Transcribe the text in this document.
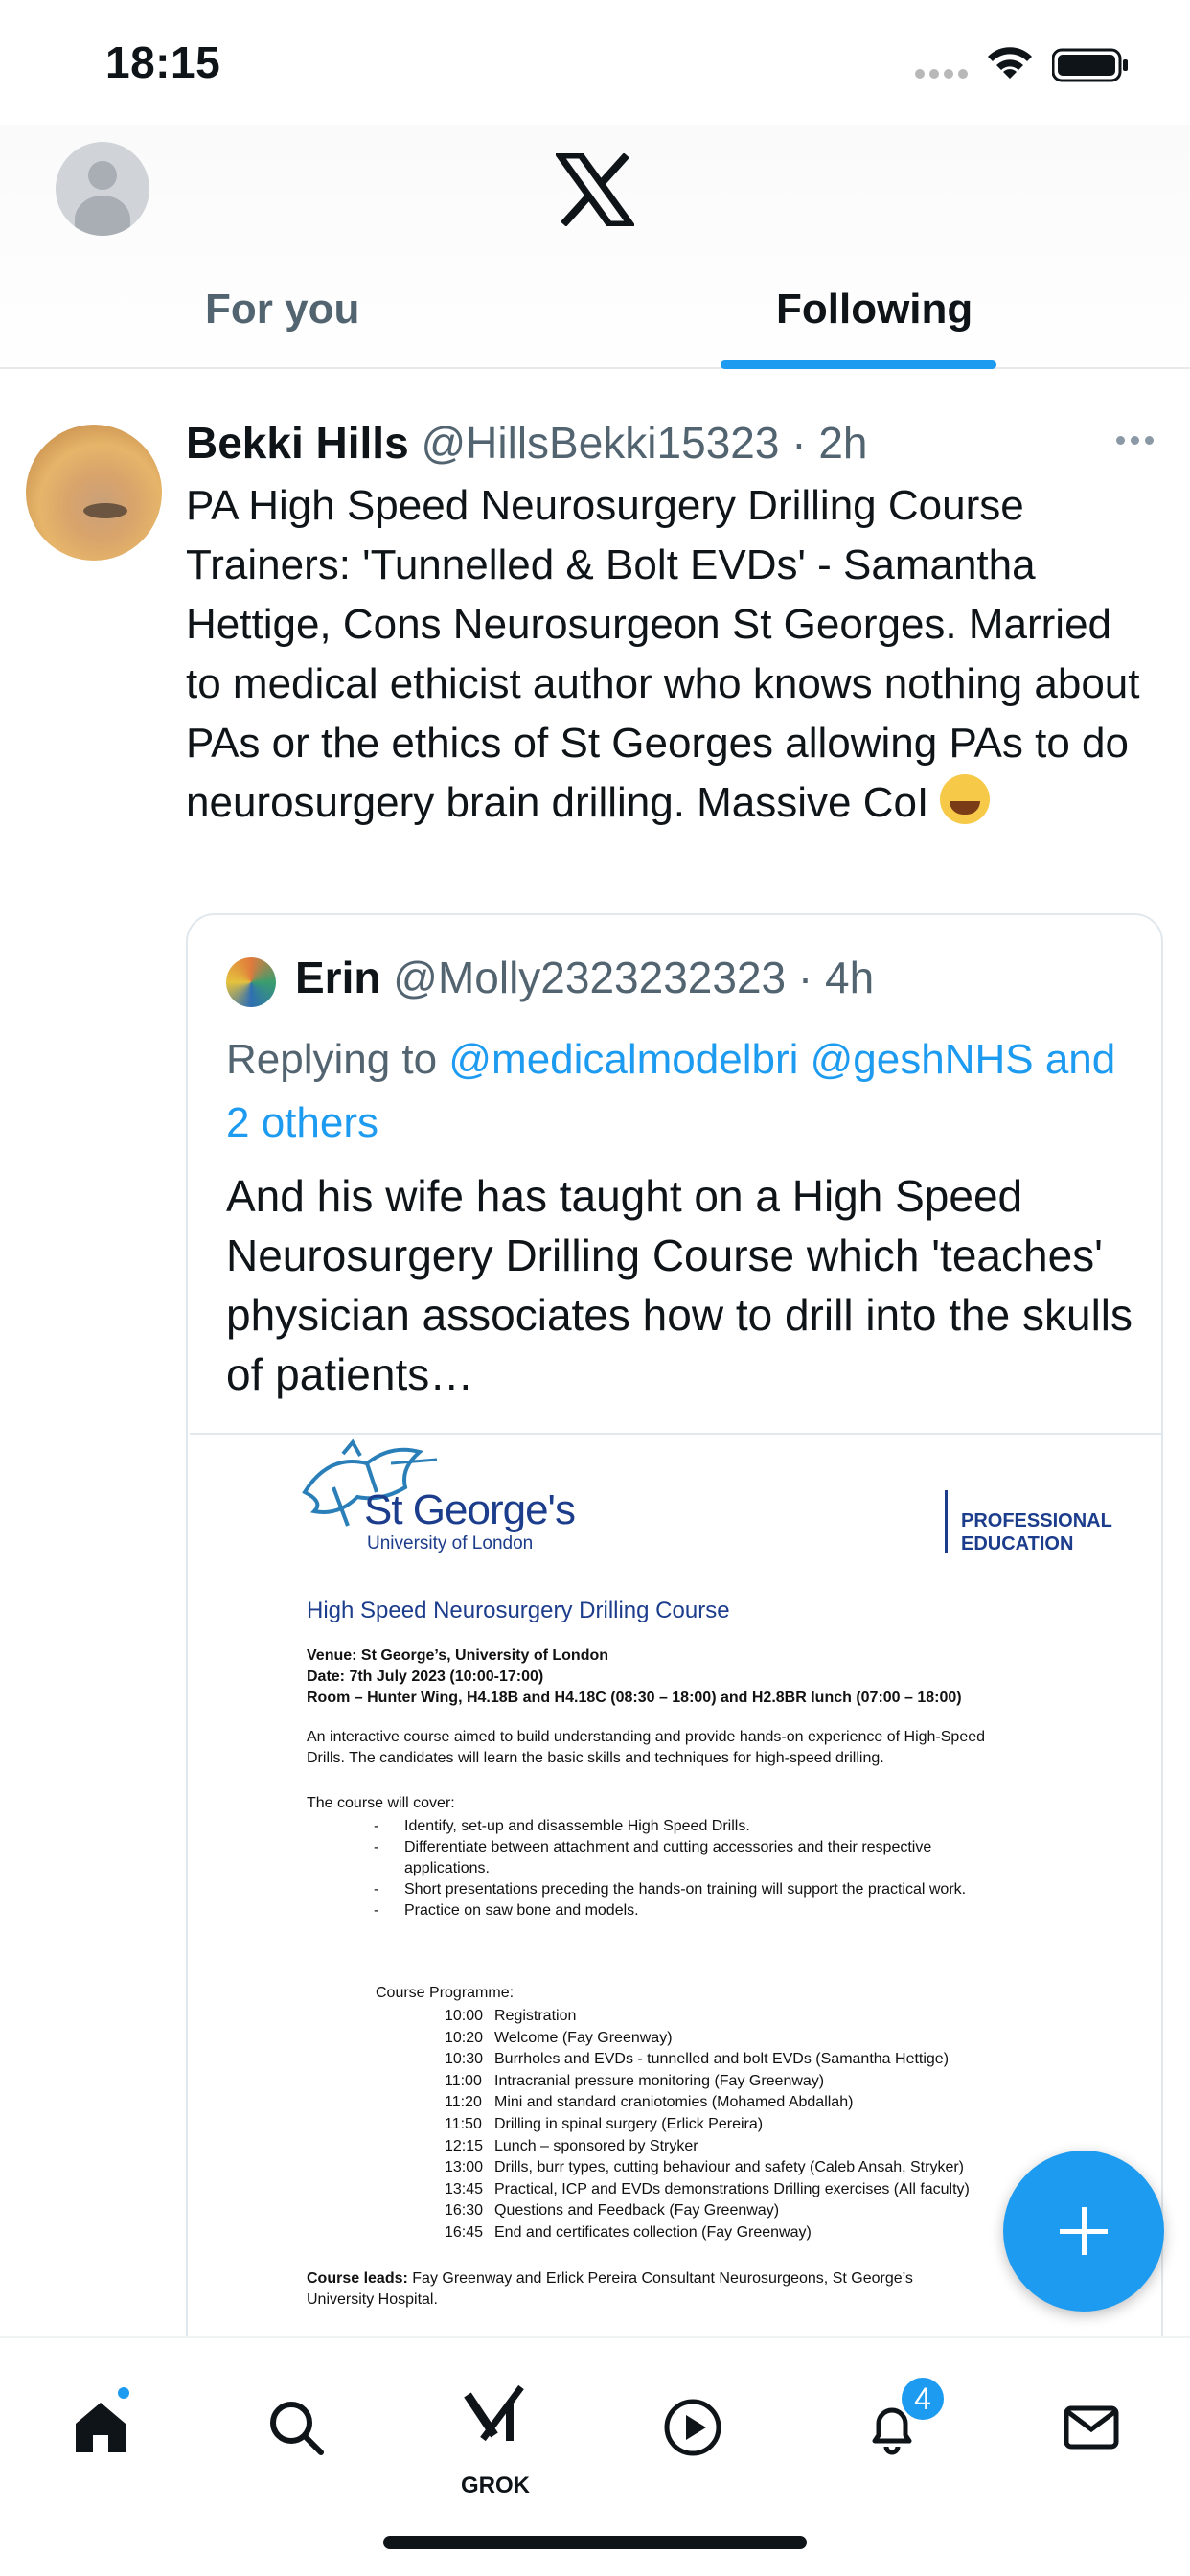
18:15
For you	Following
Bekki Hills @HillsBekki15323 · 2h
PA High Speed Neurosurgery Drilling Course Trainers: 'Tunnelled & Bolt EVDs' - Samantha Hettige, Cons Neurosurgeon St Georges. Married to medical ethicist author who knows nothing about PAs or the ethics of St Georges allowing PAs to do neurosurgery brain drilling. Massive CoI
Erin @Molly2323232323 · 4h
Replying to @medicalmodelbri @geshNHS and 2 others
And his wife has taught on a High Speed Neurosurgery Drilling Course which 'teaches' physician associates how to drill into the skulls of patients…
St George's
University of London
PROFESSIONAL EDUCATION
High Speed Neurosurgery Drilling Course
Venue: St George’s, University of London
Date: 7th July 2023 (10:00-17:00)
Room – Hunter Wing, H4.18B and H4.18C (08:30 – 18:00) and H2.8BR lunch (07:00 – 18:00)
An interactive course aimed to build understanding and provide hands-on experience of High-Speed Drills. The candidates will learn the basic skills and techniques for high-speed drilling.
The course will cover:
- Identify, set-up and disassemble High Speed Drills.
- Differentiate between attachment and cutting accessories and their respective applications.
- Short presentations preceding the hands-on training will support the practical work.
- Practice on saw bone and models.
Course Programme:
10:00 Registration
10:20 Welcome (Fay Greenway)
10:30 Burrholes and EVDs - tunnelled and bolt EVDs (Samantha Hettige)
11:00 Intracranial pressure monitoring (Fay Greenway)
11:20 Mini and standard craniotomies (Mohamed Abdallah)
11:50 Drilling in spinal surgery (Erlick Pereira)
12:15 Lunch – sponsored by Stryker
13:00 Drills, burr types, cutting behaviour and safety (Caleb Ansah, Stryker)
13:45 Practical, ICP and EVDs demonstrations Drilling exercises (All faculty)
16:30 Questions and Feedback (Fay Greenway)
16:45 End and certificates collection (Fay Greenway)
Course leads: Fay Greenway and Erlick Pereira Consultant Neurosurgeons, St George’s University Hospital.
GROK
4
